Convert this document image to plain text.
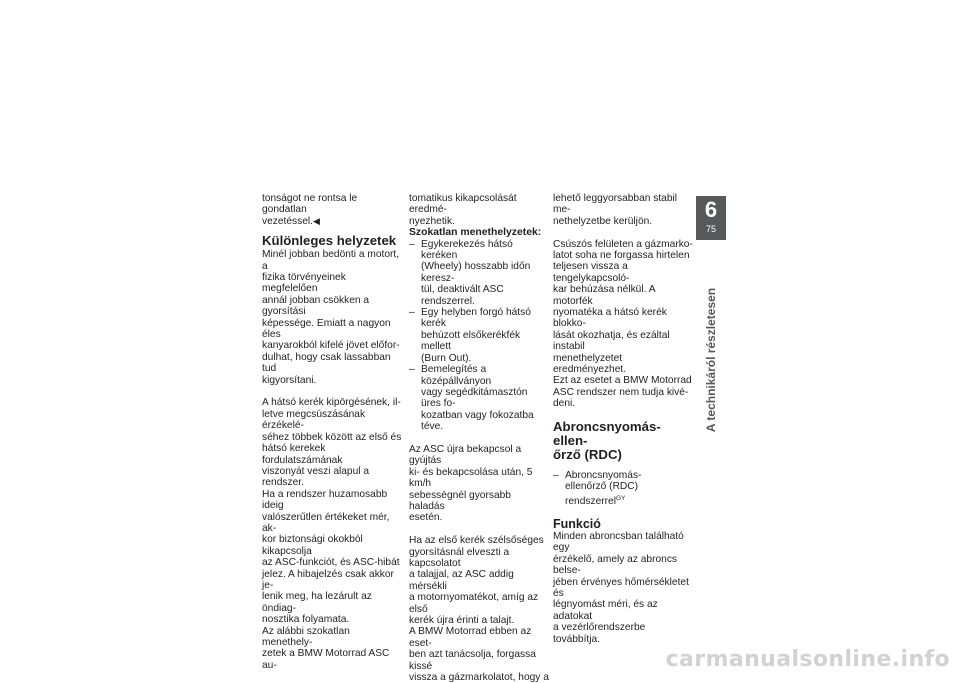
tonságot ne rontsa le gondatlan
vezetéssel.◀

Különleges helyzetek

Minél jobban bedönti a motort, a
fizika törvényeinek megfelelően
annál jobban csökken a gyorsítási
képessége. Emiatt a nagyon éles
kanyarokból kifelé jövet előfor-
dulhat, hogy csak lassabban tud
kigyorsítani.

A hátsó kerék kipörgésének, il-
letve megcsúszásának érzékelé-
séhez többek között az első és
hátsó kerekek fordulatszámának
viszonyát veszi alapul a rendszer.
Ha a rendszer huzamosabb ideig
valószerűtlen értékeket mér, ak-
kor biztonsági okokból kikapcsolja
az ASC-funkciót, és ASC-hibát
jelez. A hibajelzés csak akkor je-
lenik meg, ha lezárult az öndiag-
nosztika folyamata.
Az alábbi szokatlan menethely-
zetek a BMW Motorrad ASC au-

tomatikus kikapcsolását eredmé-
nyezhetik.

Szokatlan menethelyzetek:
– Egykerekezés hátsó keréken
(Wheely) hosszabb időn keresz-
tül, deaktivált ASC rendszerrel.
– Egy helyben forgó hátsó kerék
behúzott elsőkerékfék mellett
(Burn Out).
– Bemelegítés a középállványon
vagy segédkitámasztón üres fo-
kozatban vagy fokozatba téve.

Az ASC újra bekapcsol a gyújtás
ki- és bekapcsolása után, 5 km/h
sebességnél gyorsabb haladás
esetén.

Ha az első kerék szélsőséges
gyorsításnál elveszti a kapcsolatot
a talajjal, az ASC addig mérsékli
a motornyomatékot, amíg az első
kerék újra érinti a talajt.
A BMW Motorrad ebben az eset-
ben azt tanácsolja, forgassa kissé
vissza a gázmarkolatot, hogy a

lehető leggyorsabban stabil me-
nethelyzetbe kerüljön.

Csúszós felületen a gázmarko-
latot soha ne forgassa hirtelen
teljesen vissza a tengelykapcsoló-
kar behúzása nélkül. A motorfék
nyomatéka a hátsó kerék blokko-
lását okozhatja, és ezáltal instabil
menethelyzetet eredményezhet.
Ezt az esetet a BMW Motorrad
ASC rendszer nem tudja kivé-
deni.

Abroncsnyomás-ellen-
őrző (RDC)
– Abroncsnyomás-
ellenőrző (RDC) rendszerrel$^{GY}$
Funkció

Minden abroncsban található egy
érzékelő, amely az abroncs belse-
jében érvényes hőmérsékletet és
légnyomást méri, és az adatokat
a vezérlőrendszerbe továbbítja.

6
75
A technikáról részletesen
carmanualsonline.info
